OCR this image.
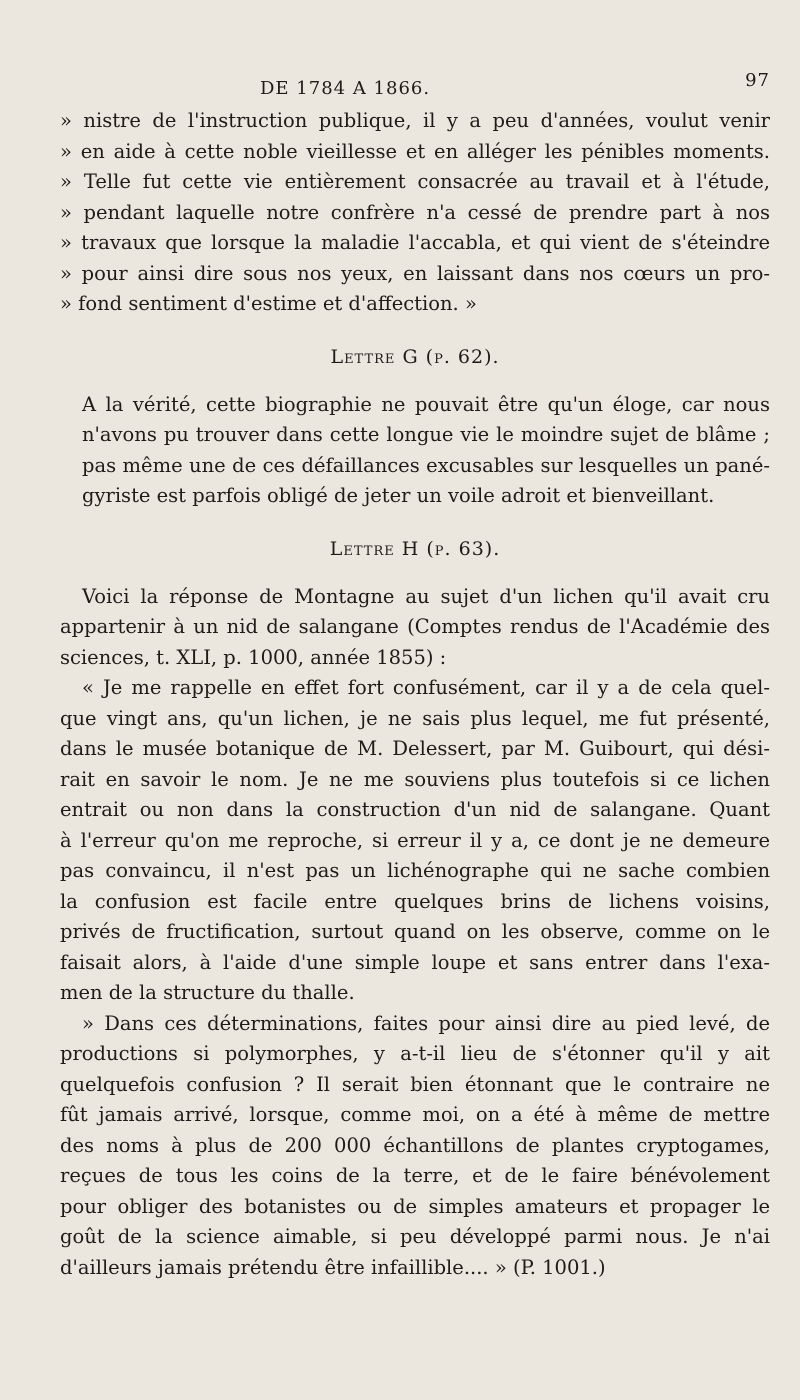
DE 1784 A 1866.	97

» nistre de l'instruction publique, il y a peu d'années, voulut venir
» en aide à cette noble vieillesse et en alléger les pénibles moments.
» Telle fut cette vie entièrement consacrée au travail et à l'étude,
» pendant laquelle notre confrère n'a cessé de prendre part à nos
» travaux que lorsque la maladie l'accabla, et qui vient de s'éteindre
» pour ainsi dire sous nos yeux, en laissant dans nos cœurs un pro-
» fond sentiment d'estime et d'affection. »

Lettre G (p. 62).

A la vérité, cette biographie ne pouvait être qu'un éloge, car nous
n'avons pu trouver dans cette longue vie le moindre sujet de blâme ;
pas même une de ces défaillances excusables sur lesquelles un pané-
gyriste est parfois obligé de jeter un voile adroit et bienveillant.

Lettre H (p. 63).

Voici la réponse de Montagne au sujet d'un lichen qu'il avait cru
appartenir à un nid de salangane (Comptes rendus de l'Académie des
sciences, t. XLI, p. 1000, année 1855) :

« Je me rappelle en effet fort confusément, car il y a de cela quel-
que vingt ans, qu'un lichen, je ne sais plus lequel, me fut présenté,
dans le musée botanique de M. Delessert, par M. Guibourt, qui dési-
rait en savoir le nom. Je ne me souviens plus toutefois si ce lichen
entrait ou non dans la construction d'un nid de salangane. Quant
à l'erreur qu'on me reproche, si erreur il y a, ce dont je ne demeure
pas convaincu, il n'est pas un lichénographe qui ne sache combien
la confusion est facile entre quelques brins de lichens voisins,
privés de fructification, surtout quand on les observe, comme on le
faisait alors, à l'aide d'une simple loupe et sans entrer dans l'exa-
men de la structure du thalle.

» Dans ces déterminations, faites pour ainsi dire au pied levé, de
productions si polymorphes, y a-t-il lieu de s'étonner qu'il y ait
quelquefois confusion ? Il serait bien étonnant que le contraire ne
fût jamais arrivé, lorsque, comme moi, on a été à même de mettre
des noms à plus de 200 000 échantillons de plantes cryptogames,
reçues de tous les coins de la terre, et de le faire bénévolement
pour obliger des botanistes ou de simples amateurs et propager le
goût de la science aimable, si peu développé parmi nous. Je n'ai
d'ailleurs jamais prétendu être infaillible.... » (P. 1001.)
